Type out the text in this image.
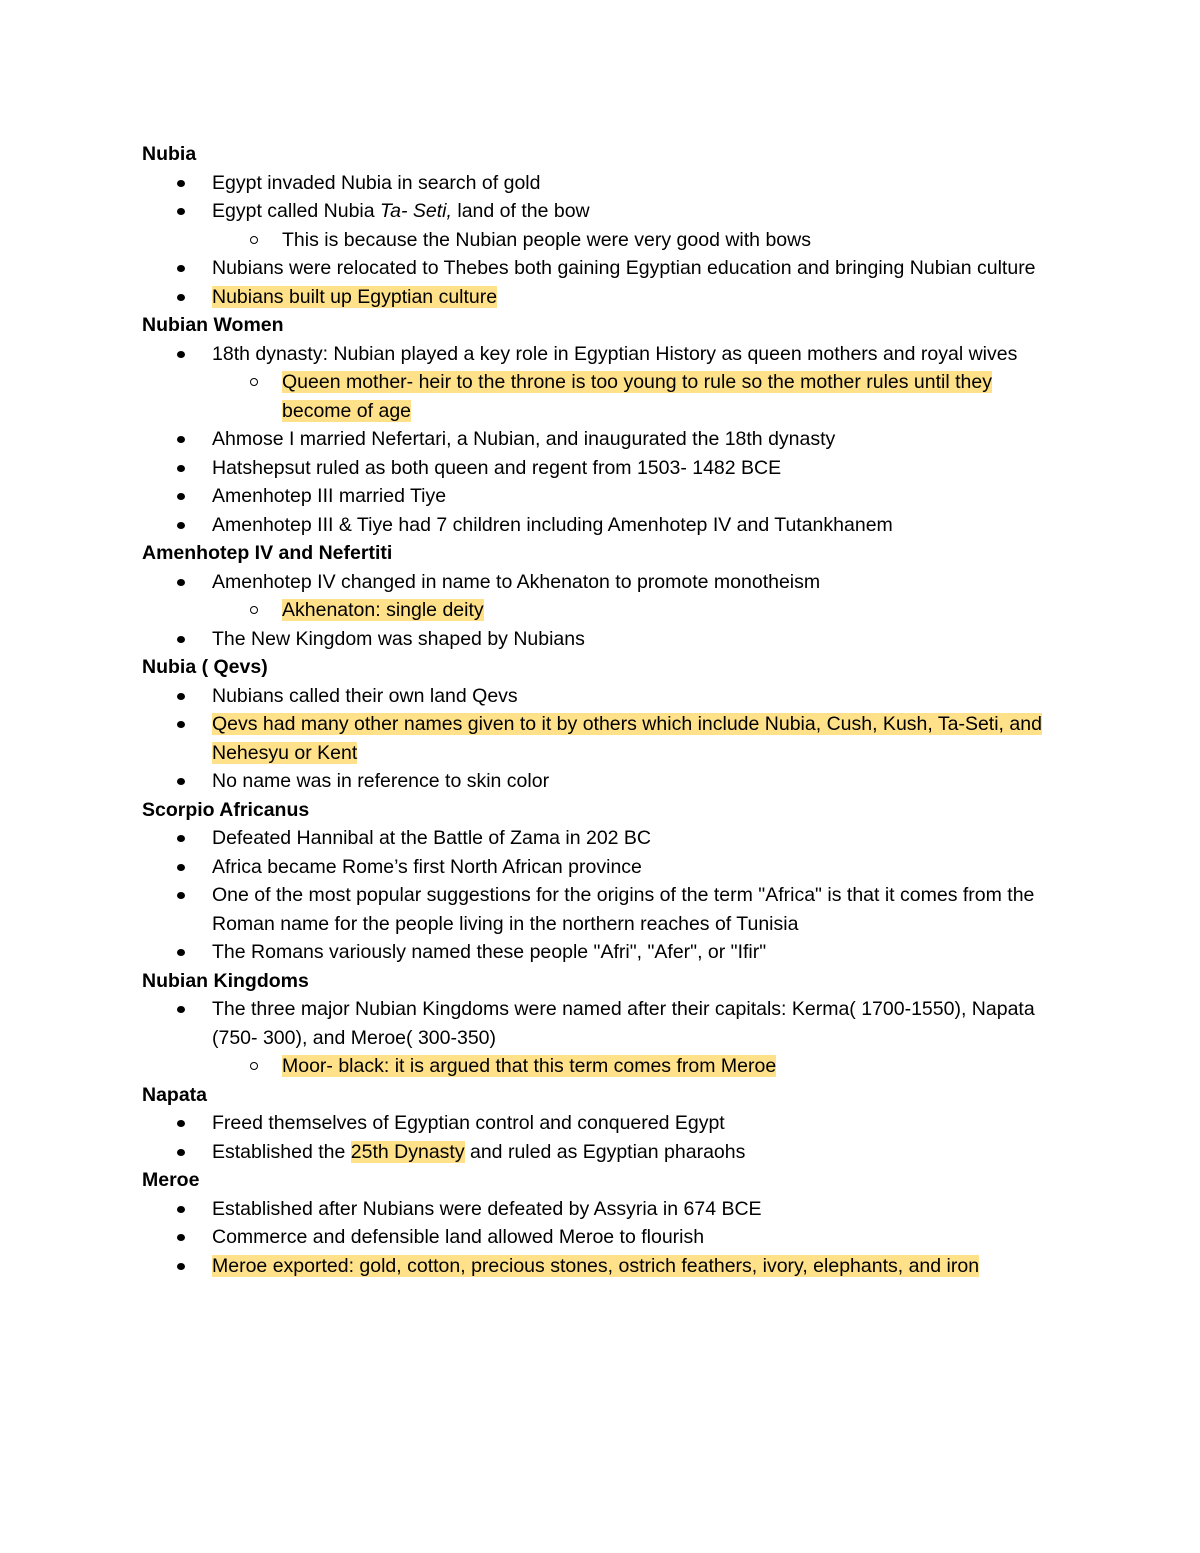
Nubia
Egypt invaded Nubia in search of gold
Egypt called Nubia Ta- Seti, land of the bow
This is because the Nubian people were very good with bows
Nubians were relocated to Thebes both gaining Egyptian education and bringing Nubian culture
Nubians built up Egyptian culture
Nubian Women
18th dynasty: Nubian played a key role in Egyptian History as queen mothers and royal wives
Queen mother- heir to the throne is too young to rule so the mother rules until they become of age
Ahmose I married Nefertari, a Nubian, and inaugurated the 18th dynasty
Hatshepsut ruled as both queen and regent from 1503- 1482 BCE
Amenhotep III married Tiye
Amenhotep III & Tiye had 7 children including Amenhotep IV and Tutankhanem
Amenhotep IV and Nefertiti
Amenhotep IV changed in name to Akhenaton to promote monotheism
Akhenaton: single deity
The New Kingdom was shaped by Nubians
Nubia ( Qevs)
Nubians called their own land Qevs
Qevs had many other names given to it by others which include Nubia, Cush, Kush, Ta-Seti, and Nehesyu or Kent
No name was in reference to skin color
Scorpio Africanus
Defeated Hannibal at the Battle of Zama in 202 BC
Africa became Rome’s first North African province
One of the most popular suggestions for the origins of the term "Africa" is that it comes from the Roman name for the people living in the northern reaches of Tunisia
The Romans variously named these people "Afri", "Afer", or "Ifir"
Nubian Kingdoms
The three major Nubian Kingdoms were named after their capitals: Kerma( 1700-1550), Napata (750- 300), and Meroe( 300-350)
Moor- black: it is argued that this term comes from Meroe
Napata
Freed themselves of Egyptian control and conquered Egypt
Established the 25th Dynasty and ruled as Egyptian pharaohs
Meroe
Established after Nubians were defeated by Assyria in 674 BCE
Commerce and defensible land allowed Meroe to flourish
Meroe exported: gold, cotton, precious stones, ostrich feathers, ivory, elephants, and iron
